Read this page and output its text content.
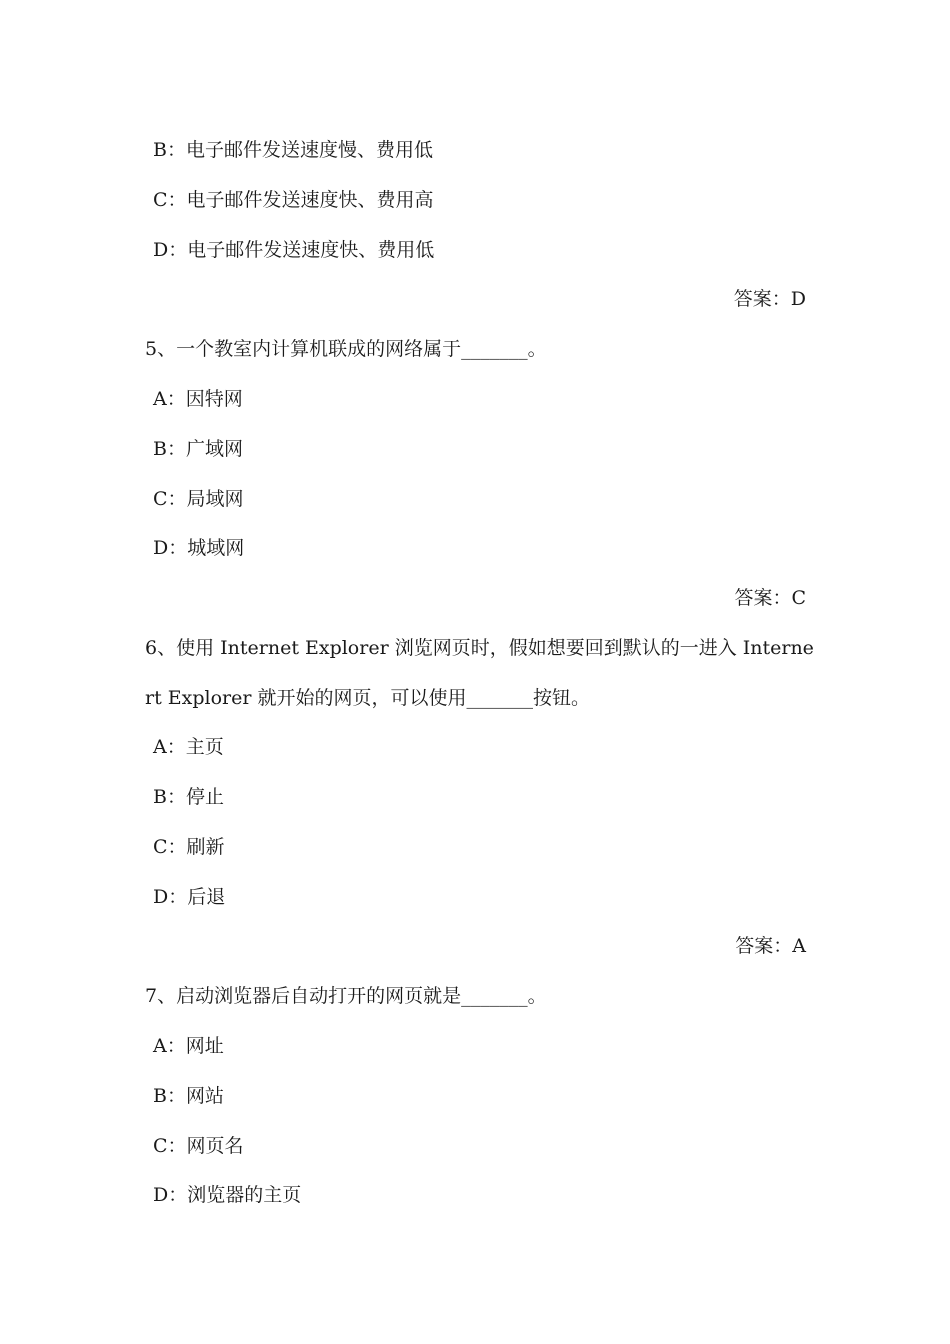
B：电子邮件发送速度慢、费用低
C：电子邮件发送速度快、费用高
D：电子邮件发送速度快、费用低
答案：D
5、一个教室内计算机联成的网络属于_______。
A：因特网
B：广域网
C：局域网
D：城域网
答案：C
6、使用 Internet Explorer 浏览网页时，假如想要回到默认的一进入 Interne
rt Explorer 就开始的网页，可以使用_______按钮。
A：主页
B：停止
C：刷新
D：后退
答案：A
7、启动浏览器后自动打开的网页就是_______。
A：网址
B：网站
C：网页名
D：浏览器的主页
